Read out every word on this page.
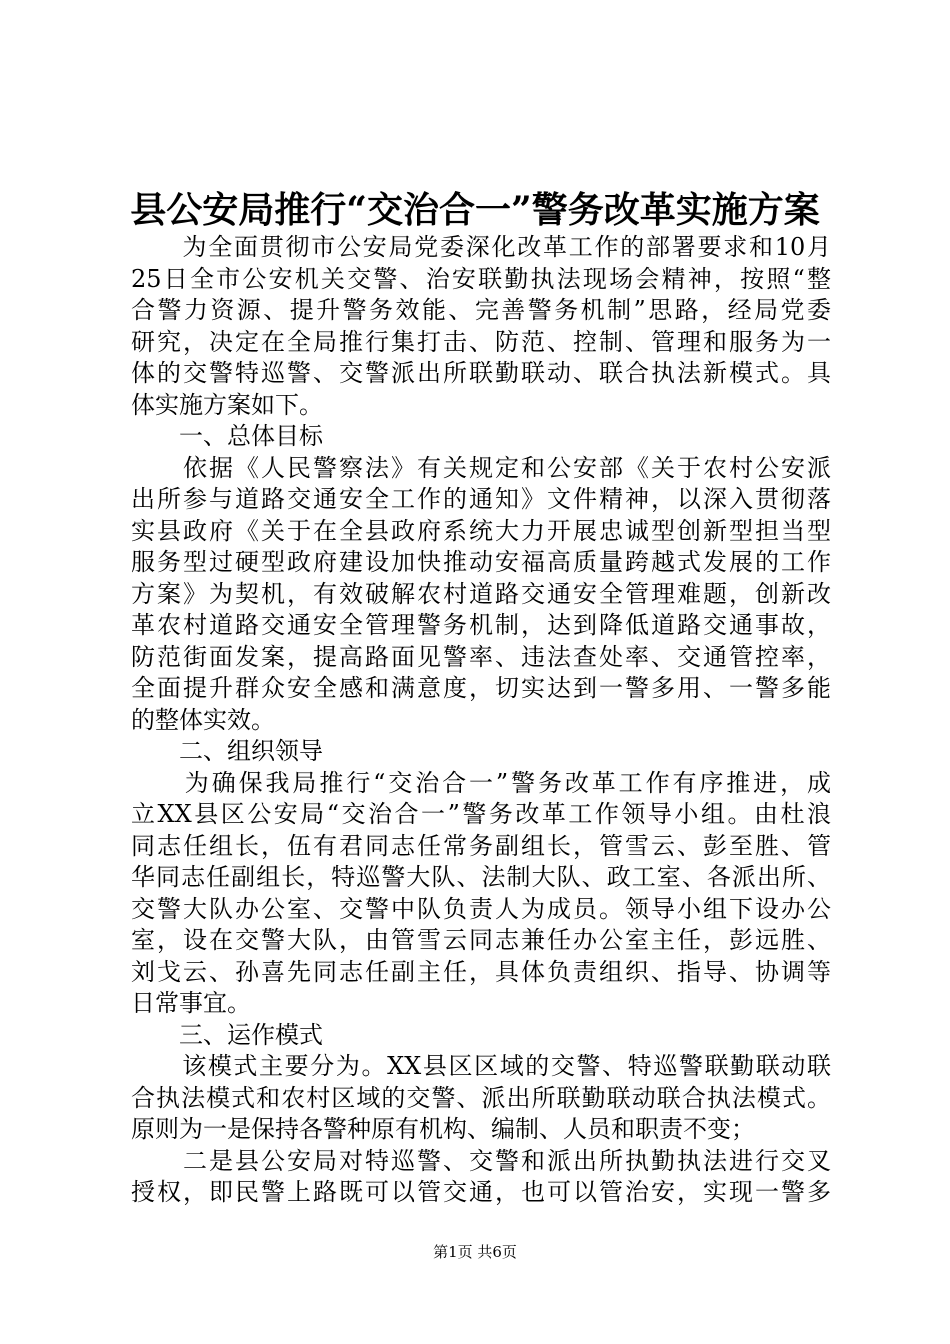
县公安局推行“交治合一”警务改革实施方案
　　为全面贯彻市公安局党委深化改革工作的部署要求和10月
25日全市公安机关交警、治安联勤执法现场会精神，按照“整
合警力资源、提升警务效能、完善警务机制”思路，经局党委
研究，决定在全局推行集打击、防范、控制、管理和服务为一
体的交警特巡警、交警派出所联勤联动、联合执法新模式。具
体实施方案如下。
　　一、总体目标
　　依据《人民警察法》有关规定和公安部《关于农村公安派
出所参与道路交通安全工作的通知》文件精神，以深入贯彻落
实县政府《关于在全县政府系统大力开展忠诚型创新型担当型
服务型过硬型政府建设加快推动安福高质量跨越式发展的工作
方案》为契机，有效破解农村道路交通安全管理难题，创新改
革农村道路交通安全管理警务机制，达到降低道路交通事故，
防范街面发案，提高路面见警率、违法查处率、交通管控率，
全面提升群众安全感和满意度，切实达到一警多用、一警多能
的整体实效。
　　二、组织领导
　　为确保我局推行“交治合一”警务改革工作有序推进，成
立XX县区公安局“交治合一”警务改革工作领导小组。由杜浪
同志任组长，伍有君同志任常务副组长，管雪云、彭至胜、管
华同志任副组长，特巡警大队、法制大队、政工室、各派出所、
交警大队办公室、交警中队负责人为成员。领导小组下设办公
室，设在交警大队，由管雪云同志兼任办公室主任，彭远胜、
刘戈云、孙喜先同志任副主任，具体负责组织、指导、协调等
日常事宜。
　　三、运作模式
　　该模式主要分为。XX县区区域的交警、特巡警联勤联动联
合执法模式和农村区域的交警、派出所联勤联动联合执法模式。
原则为一是保持各警种原有机构、编制、人员和职责不变；
　　二是县公安局对特巡警、交警和派出所执勤执法进行交叉
授权，即民警上路既可以管交通，也可以管治安，实现一警多
第1页 共6页
